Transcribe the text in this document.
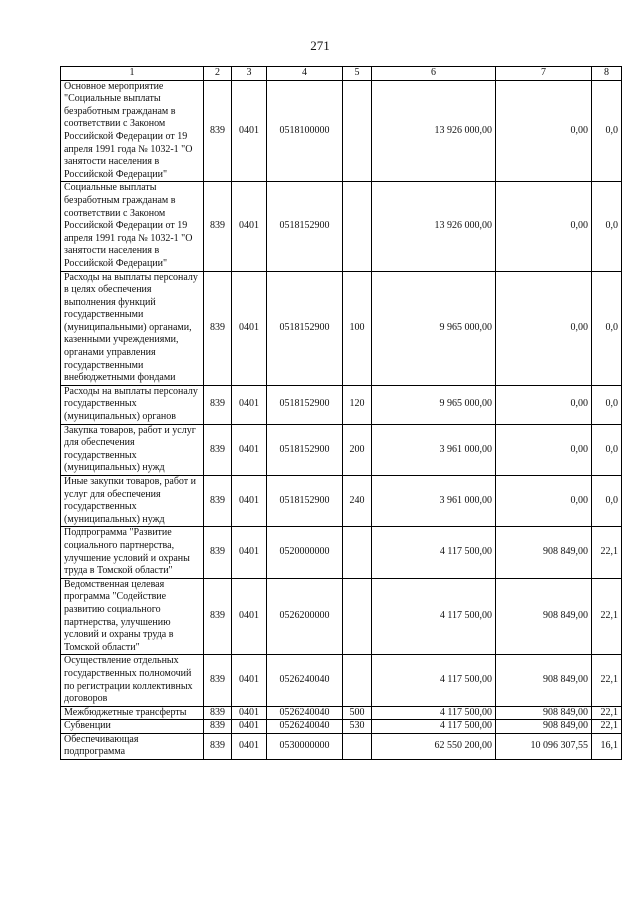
271
1	2	3	4	5	6	7	8
Основное мероприятие "Социальные выплаты безработным гражданам в соответствии с Законом Российской Федерации от 19 апреля 1991 года № 1032-1 "О занятости населения в Российской Федерации"	839	0401	0518100000		13 926 000,00	0,00	0,0
Социальные выплаты безработным гражданам в соответствии с Законом Российской Федерации от 19 апреля 1991 года № 1032-1 "О занятости населения в Российской Федерации"	839	0401	0518152900		13 926 000,00	0,00	0,0
Расходы на выплаты персоналу в целях обеспечения выполнения функций государственными (муниципальными) органами, казенными учреждениями, органами управления государственными внебюджетными фондами	839	0401	0518152900	100	9 965 000,00	0,00	0,0
Расходы на выплаты персоналу государственных (муниципальных) органов	839	0401	0518152900	120	9 965 000,00	0,00	0,0
Закупка товаров, работ и услуг для обеспечения государственных (муниципальных) нужд	839	0401	0518152900	200	3 961 000,00	0,00	0,0
Иные закупки товаров, работ и услуг для обеспечения государственных (муниципальных) нужд	839	0401	0518152900	240	3 961 000,00	0,00	0,0
Подпрограмма "Развитие социального партнерства, улучшение условий и охраны труда в Томской области"	839	0401	0520000000		4 117 500,00	908 849,00	22,1
Ведомственная целевая программа "Содействие развитию социального партнерства, улучшению условий и охраны труда в Томской области"	839	0401	0526200000		4 117 500,00	908 849,00	22,1
Осуществление отдельных государственных полномочий по регистрации коллективных договоров	839	0401	0526240040		4 117 500,00	908 849,00	22,1
Межбюджетные трансферты	839	0401	0526240040	500	4 117 500,00	908 849,00	22,1
Субвенции	839	0401	0526240040	530	4 117 500,00	908 849,00	22,1
Обеспечивающая подпрограмма	839	0401	0530000000		62 550 200,00	10 096 307,55	16,1
